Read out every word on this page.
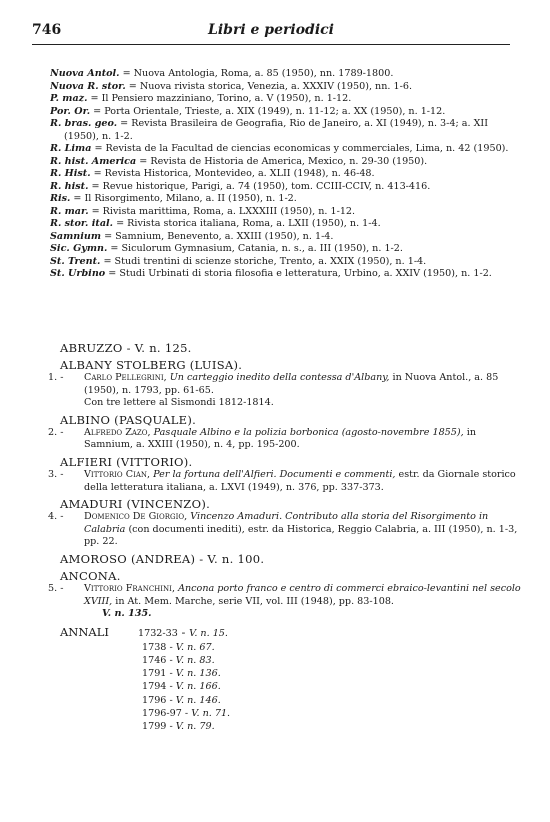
746	Libri e periodici
Nuova Antol. = Nuova Antologia, Roma, a. 85 (1950), nn. 1789-1800.
Nuova R. stor. = Nuova rivista storica, Venezia, a. XXXIV (1950), nn. 1-6.
P. maz. = Il Pensiero mazziniano, Torino, a. V (1950), n. 1-12.
Por. Or. = Porta Orientale, Trieste, a. XIX (1949), n. 11-12; a. XX (1950), n. 1-12.
R. bras. geo. = Revista Brasileira de Geografia, Rio de Janeiro, a. XI (1949), n. 3-4; a. XII (1950), n. 1-2.
R. Lima = Revista de la Facultad de ciencias economicas y commerciales, Lima, n. 42 (1950).
R. hist. America = Revista de Historia de America, Mexico, n. 29-30 (1950).
R. Hist. = Revista Historica, Montevideo, a. XLII (1948), n. 46-48.
R. hist. = Revue historique, Parigi, a. 74 (1950), tom. CCIII-CCIV, n. 413-416.
Ris. = Il Risorgimento, Milano, a. II (1950), n. 1-2.
R. mar. = Rivista marittima, Roma, a. LXXXIII (1950), n. 1-12.
R. stor. ital. = Rivista storica italiana, Roma, a. LXII (1950), n. 1-4.
Samnium = Samnium, Benevento, a. XXIII (1950), n. 1-4.
Sic. Gymn. = Siculorum Gymnasium, Catania, n. s., a. III (1950), n. 1-2.
St. Trent. = Studi trentini di scienze storiche, Trento, a. XXIX (1950), n. 1-4.
St. Urbino = Studi Urbinati di storia filosofia e letteratura, Urbino, a. XXIV (1950), n. 1-2.
ABRUZZO - V. n. 125.
ALBANY STOLBERG (LUISA).
1. -	Carlo Pellegrini, Un carteggio inedito della contessa d'Albany, in Nuova Antol., a. 85 (1950), n. 1793, pp. 61-65.
Con tre lettere al Sismondi 1812-1814.
ALBINO (PASQUALE).
2. -	Alfredo Zazo, Pasquale Albino e la polizia borbonica (agosto-novembre 1855), in Samnium, a. XXIII (1950), n. 4, pp. 195-200.
ALFIERI (VITTORIO).
3. -	Vittorio Cian, Per la fortuna dell'Alfieri. Documenti e commenti, estr. da Giornale storico della letteratura italiana, a. LXVI (1949), n. 376, pp. 337-373.
AMADURI (VINCENZO).
4. -	Domenico De Giorgio, Vincenzo Amaduri. Contributo alla storia del Risorgimento in Calabria (con documenti inediti), estr. da Historica, Reggio Calabria, a. III (1950), n. 1-3, pp. 22.
AMOROSO (ANDREA) - V. n. 100.
ANCONA.
5. -	Vittorio Franchini, Ancona porto franco e centro di commerci ebraico-levantini nel secolo XVIII, in At. Mem. Marche, serie VII, vol. III (1948), pp. 83-108.
V. n. 135.
ANNALI	1732-33 - V. n. 15.
1738 - V. n. 67.
1746 - V. n. 83.
1791 - V. n. 136.
1794 - V. n. 166.
1796 - V. n. 146.
1796-97 - V. n. 71.
1799 - V. n. 79.
